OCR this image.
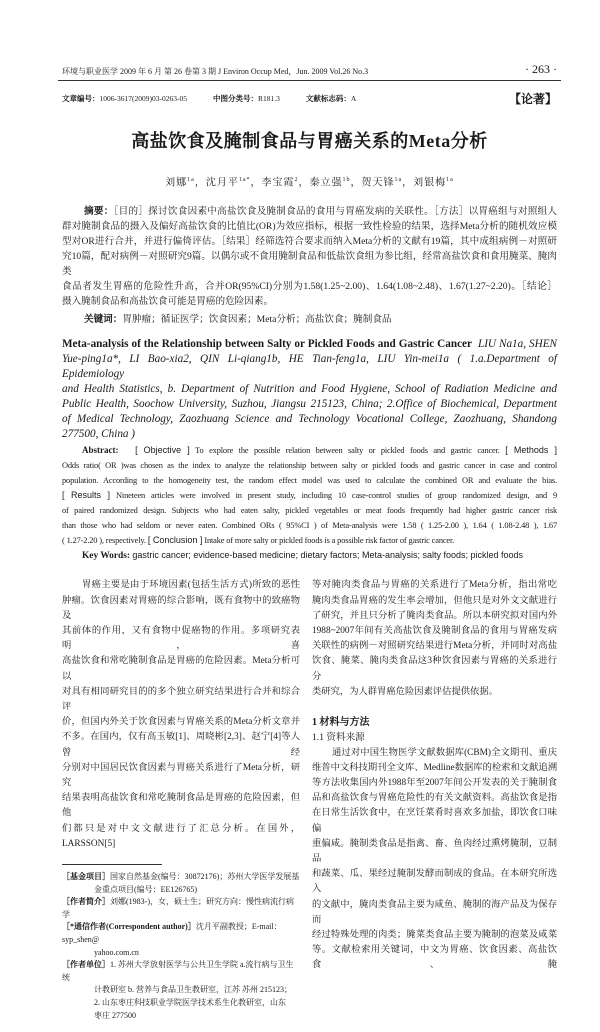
环境与职业医学 2009 年 6 月 第 26 卷第 3 期 J Environ Occup Med，Jun. 2009 Vol.26 No.3	· 263 ·
文章编号：1006-3617(2009)03-0263-05	中图分类号：R181.3	文献标志码：A	【论著】
高盐饮食及腌制食品与胃癌关系的Meta分析
刘娜$^{1a}$，沈月平$^{1a*}$，李宝霞$^2$，秦立强$^{1b}$，贺天锋$^{1a}$，刘银梅$^{1a}$
摘要：［目的］探讨饮食因素中高盐饮食及腌制食品的食用与胃癌发病的关联性。［方法］以胃癌组与对照组人
群对腌制食品的摄入及偏好高盐饮食的比值比(OR)为效应指标，根据一致性检验的结果，选择Meta分析的随机效应模
型对OR进行合并，并进行偏倚评估。［结果］经筛选符合要求而纳入Meta分析的文献有19篇，其中成组病例－对照研
究10篇，配对病例－对照研究9篇。以偶尔或不食用腌制食品和低盐饮食组为参比组，经常高盐饮食和食用腌菜、腌肉类
食品者发生胃癌的危险性升高，合并OR(95%CI)分别为1.58(1.25~2.00)、1.64(1.08~2.48)、1.67(1.27~2.20)。［结论］
摄入腌制食品和高盐饮食可能是胃癌的危险因素。
关键词：胃肿瘤；循证医学；饮食因素；Meta分析；高盐饮食；腌制食品
Meta-analysis of the Relationship between Salty or Pickled Foods and Gastric Cancer LIU Na1a, SHEN
Yue-ping1a*, LI Bao-xia2, QIN Li-qiang1b, HE Tian-feng1a, LIU Yin-mei1a ( 1.a.Department of Epidemiology
and Health Statistics, b. Department of Nutrition and Food Hygiene, School of Radiation Medicine and
Public Health, Soochow University, Suzhou, Jiangsu 215123, China; 2.Office of Biochemical, Department
of Medical Technology, Zaozhuang Science and Technology Vocational College, Zaozhuang, Shandong
277500, China )
Abstract: [ Objective ] To explore the possible relation between salty or pickled foods and gastric cancer. [ Methods ]
Odds ratio( OR )was chosen as the index to analyze the relationship between salty or pickled foods and gastric cancer in case and control
population. According to the homogeneity test, the random effect model was used to calculate the combined OR and evaluate the bias.
[ Results ] Nineteen articles were involved in present study, including 10 case-control studies of group randomized design, and 9
of paired randomized design. Subjects who had eaten salty, pickled vegetables or meat foods frequently had higher gastric cancer risk
than those who had seldom or never eaten. Combined ORs ( 95%CI ) of Meta-analysis were 1.58 ( 1.25-2.00 ), 1.64 ( 1.08-2.48 ), 1.67
( 1.27-2.20 ), respectively. [ Conclusion ] Intake of more salty or pickled foods is a possible risk factor of gastric cancer.
Key Words: gastric cancer; evidence-based medicine; dietary factors; Meta-analysis; salty foods; pickled foods
胃癌主要是由于环境因素(包括生活方式)所致的恶性
肿瘤。饮食因素对胃癌的综合影响，既有食物中的致癌物及
其前体的作用，又有食物中促癌物的作用。多项研究表明，喜
高盐饮食和常吃腌制食品是胃癌的危险因素。Meta分析可以
对具有相同研究目的的多个独立研究结果进行合并和综合评
价，但国内外关于饮食因素与胃癌关系的Meta分析文章并
不多。在国内，仅有高玉敏[1]、周晓彬[2,3]、赵宁[4]等人曾经
分别对中国居民饮食因素与胃癌关系进行了Meta分析，研究
结果表明高盐饮食和常吃腌制食品是胃癌的危险因素，但他
们都只是对中文文献进行了汇总分析。在国外，LARSSON[5]
［基金项目］国家自然基金(编号：30872176)；苏州大学医学发展基
金重点项目(编号：EE126765)
［作者简介］刘娜(1983-)，女，硕士生；研究方向：慢性病流行病学
［*通信作者(Correspondent author)］沈月平副教授；E-mail：syp_shen@
yahoo.com.cn
［作者单位］1. 苏州大学放射医学与公共卫生学院 a.流行病与卫生统
计教研室 b. 营养与食品卫生教研室，江苏 苏州 215123；
2. 山东枣庄科技职业学院医学技术系生化教研室，山东
枣庄 277500
等对腌肉类食品与胃癌的关系进行了Meta分析，指出常吃
腌肉类食品胃癌的发生率会增加，但他只是对外文文献进行
了研究，并且只分析了腌肉类食品。所以本研究拟对国内外
1988~2007年间有关高盐饮食及腌制食品的食用与胃癌发病
关联性的病例－对照研究结果进行Meta分析，并同时对高盐
饮食、腌菜、腌肉类食品这3种饮食因素与胃癌的关系进行分
类研究，为人群胃癌危险因素评估提供依据。

1 材料与方法
1.1 资料来源
通过对中国生物医学文献数据库(CBM)全文期刊、重庆
维普中文科技期刊全文库、Medline数据库的检索和文献追溯
等方法收集国内外1988年至2007年间公开发表的关于腌制食
品和高盐饮食与胃癌危险性的有关文献资料。高盐饮食是指
在日常生活饮食中，在烹饪菜肴时喜欢多加盐，即饮食口味偏
重偏咸。腌制类食品是指禽、畜、鱼肉经过熏烤腌制，豆制品
和蔬菜、瓜、果经过腌制发酵而制成的食品。在本研究所选入
的文献中，腌肉类食品主要为咸鱼、腌制的海产品及为保存而
经过特殊处理的肉类；腌菜类食品主要为腌制的泡菜及咸菜
等。文献检索用关键词，中文为胃癌、饮食因素、高盐饮食、腌
